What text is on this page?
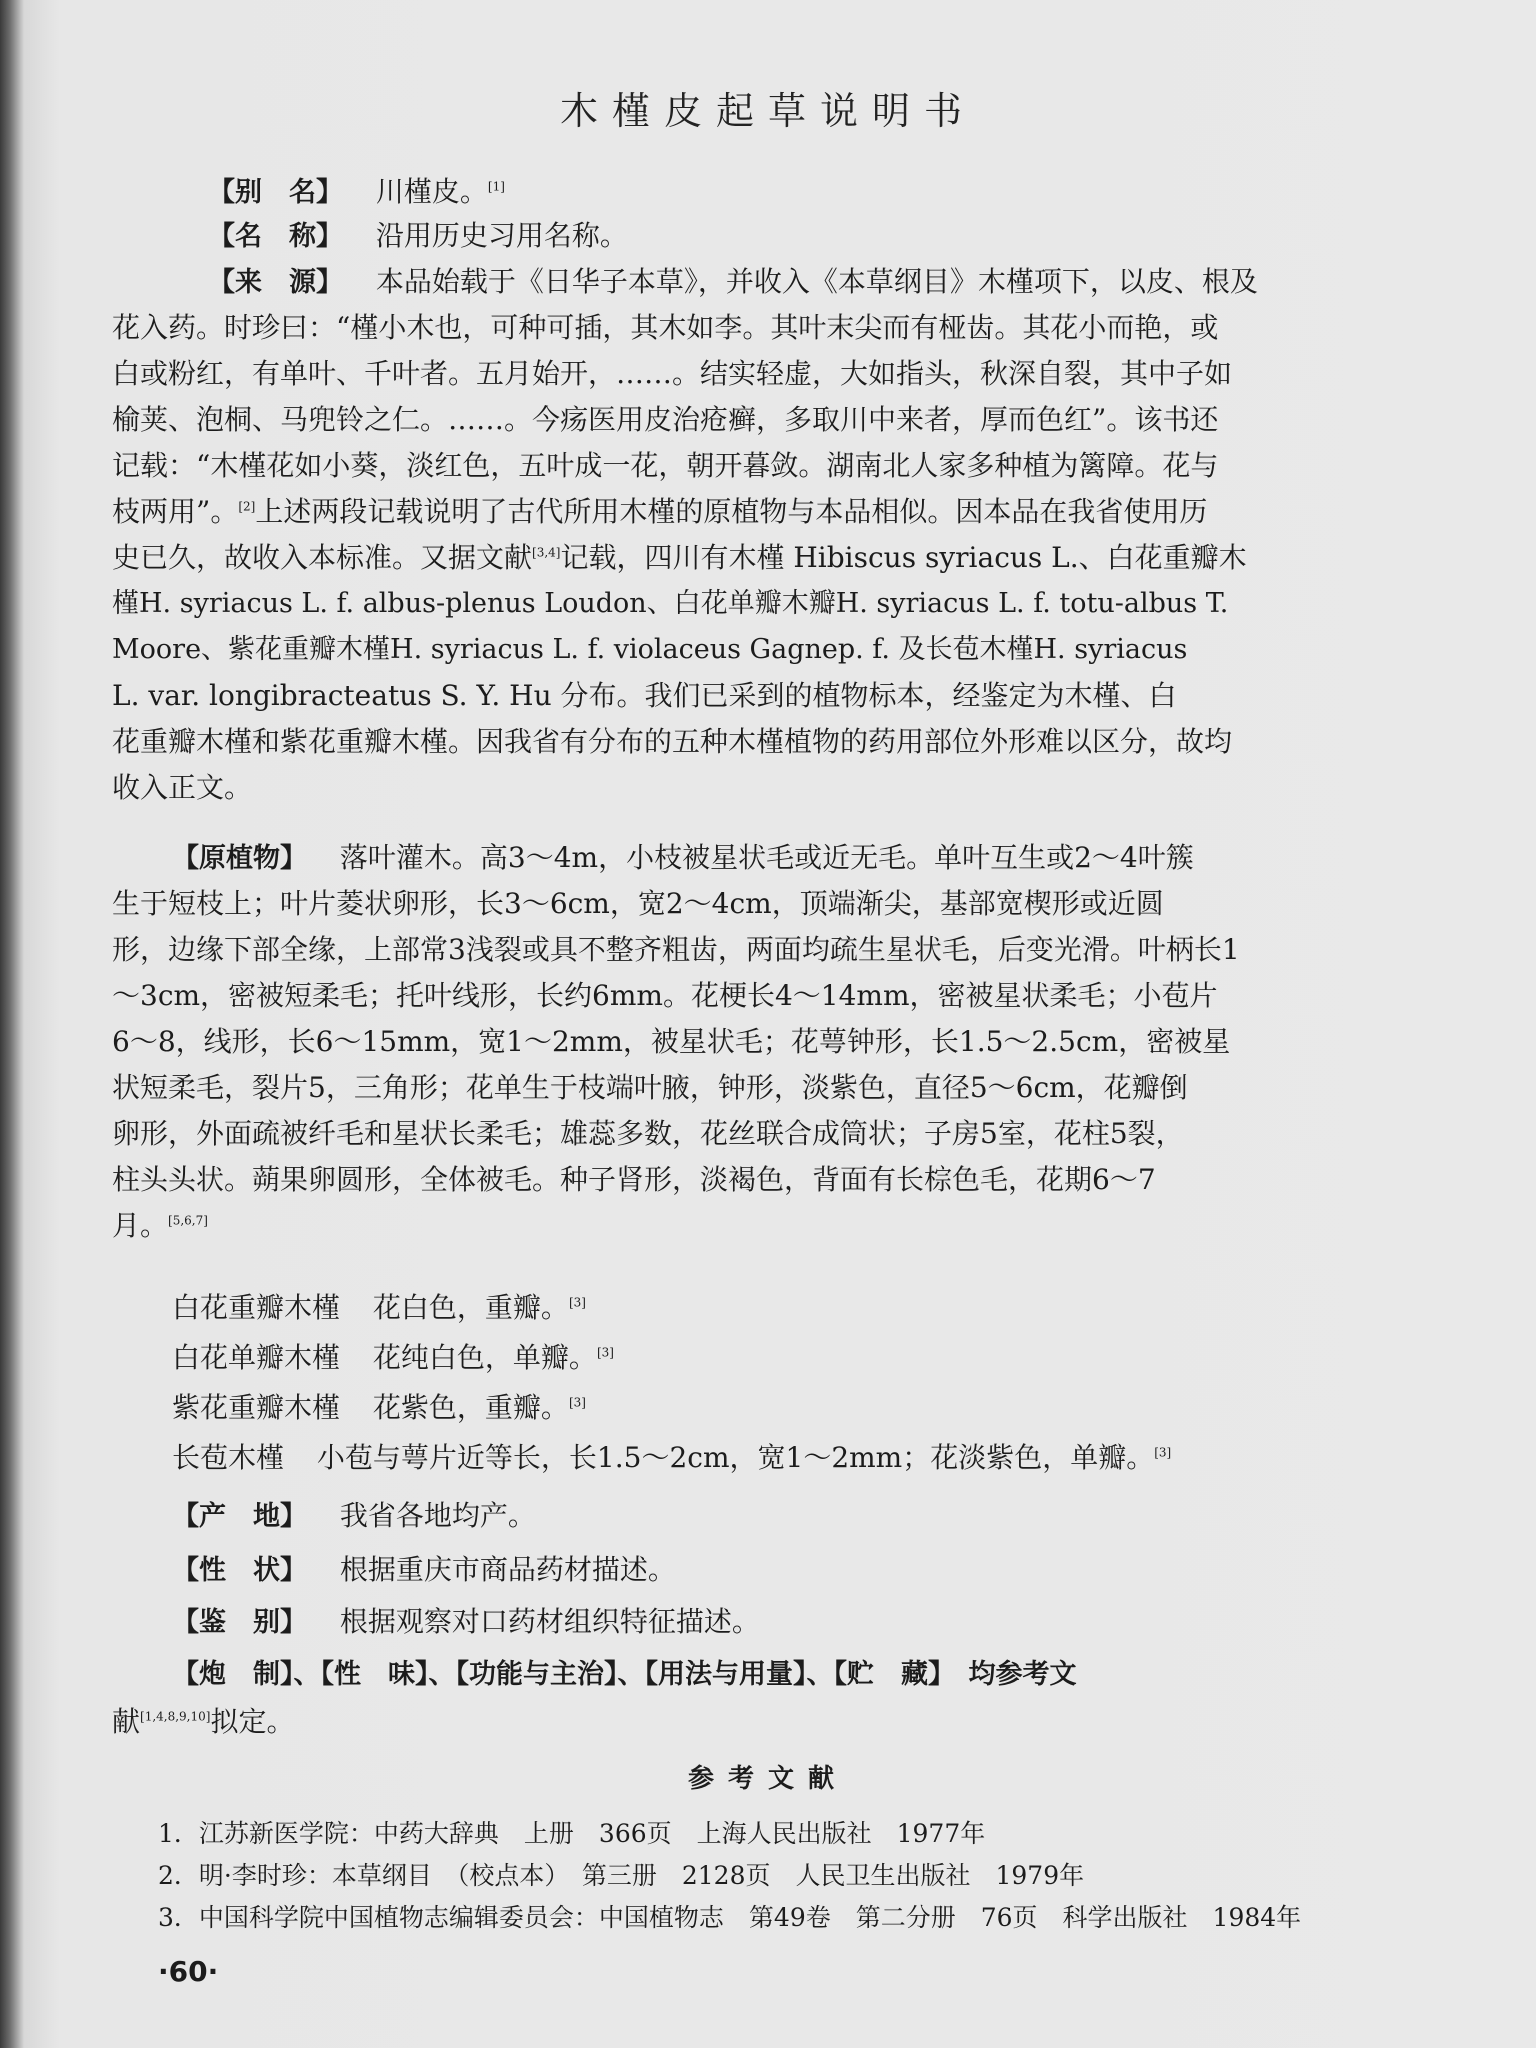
木槿皮起草说明书
【别　名】 川槿皮。[1]
【名　称】 沿用历史习用名称。
【来　源】 本品始载于《日华子本草》，并收入《本草纲目》木槿项下，以皮、根及
花入药。时珍曰：“槿小木也，可种可插，其木如李。其叶末尖而有桠齿。其花小而艳，或
白或粉红，有单叶、千叶者。五月始开，……。结实轻虚，大如指头，秋深自裂，其中子如
榆荚、泡桐、马兜铃之仁。……。今疡医用皮治疮癣，多取川中来者，厚而色红”。该书还
记载：“木槿花如小葵，淡红色，五叶成一花，朝开暮敛。湖南北人家多种植为篱障。花与
枝两用”。[2]上述两段记载说明了古代所用木槿的原植物与本品相似。因本品在我省使用历
史已久，故收入本标准。又据文献[3,4]记载，四川有木槿 Hibiscus syriacus L.、白花重瓣木
槿H. syriacus L. f. albus-plenus Loudon、白花单瓣木瓣H. syriacus L. f. totu-albus T.
Moore、紫花重瓣木槿H. syriacus L. f. violaceus Gagnep. f. 及长苞木槿H. syriacus
L. var. longibracteatus S. Y. Hu 分布。我们已采到的植物标本，经鉴定为木槿、白
花重瓣木槿和紫花重瓣木槿。因我省有分布的五种木槿植物的药用部位外形难以区分，故均
收入正文。
【原植物】 落叶灌木。高3～4m，小枝被星状毛或近无毛。单叶互生或2～4叶簇
生于短枝上；叶片菱状卵形，长3～6cm，宽2～4cm，顶端渐尖，基部宽楔形或近圆
形，边缘下部全缘，上部常3浅裂或具不整齐粗齿，两面均疏生星状毛，后变光滑。叶柄长1
～3cm，密被短柔毛；托叶线形，长约6mm。花梗长4～14mm，密被星状柔毛；小苞片
6～8，线形，长6～15mm，宽1～2mm，被星状毛；花萼钟形，长1.5～2.5cm，密被星
状短柔毛，裂片5，三角形；花单生于枝端叶腋，钟形，淡紫色，直径5～6cm，花瓣倒
卵形，外面疏被纤毛和星状长柔毛；雄蕊多数，花丝联合成筒状；子房5室，花柱5裂，
柱头头状。蒴果卵圆形，全体被毛。种子肾形，淡褐色，背面有长棕色毛，花期6～7
月。[5,6,7]
白花重瓣木槿 花白色，重瓣。[3]
白花单瓣木槿 花纯白色，单瓣。[3]
紫花重瓣木槿 花紫色，重瓣。[3]
长苞木槿 小苞与萼片近等长，长1.5～2cm，宽1～2mm；花淡紫色，单瓣。[3]
【产　地】 我省各地均产。
【性　状】 根据重庆市商品药材描述。
【鉴　别】 根据观察对口药材组织特征描述。
【炮　制】、【性　味】、【功能与主治】、【用法与用量】、【贮　藏】　均参考文
献[1,4,8,9,10]拟定。
参考文献
1．江苏新医学院：中药大辞典　上册　366页　上海人民出版社　1977年
2．明·李时珍：本草纲目　（校点本）　第三册　2128页　人民卫生出版社　1979年
3．中国科学院中国植物志编辑委员会：中国植物志　第49卷　第二分册　76页　科学出版社　1984年
·60·
